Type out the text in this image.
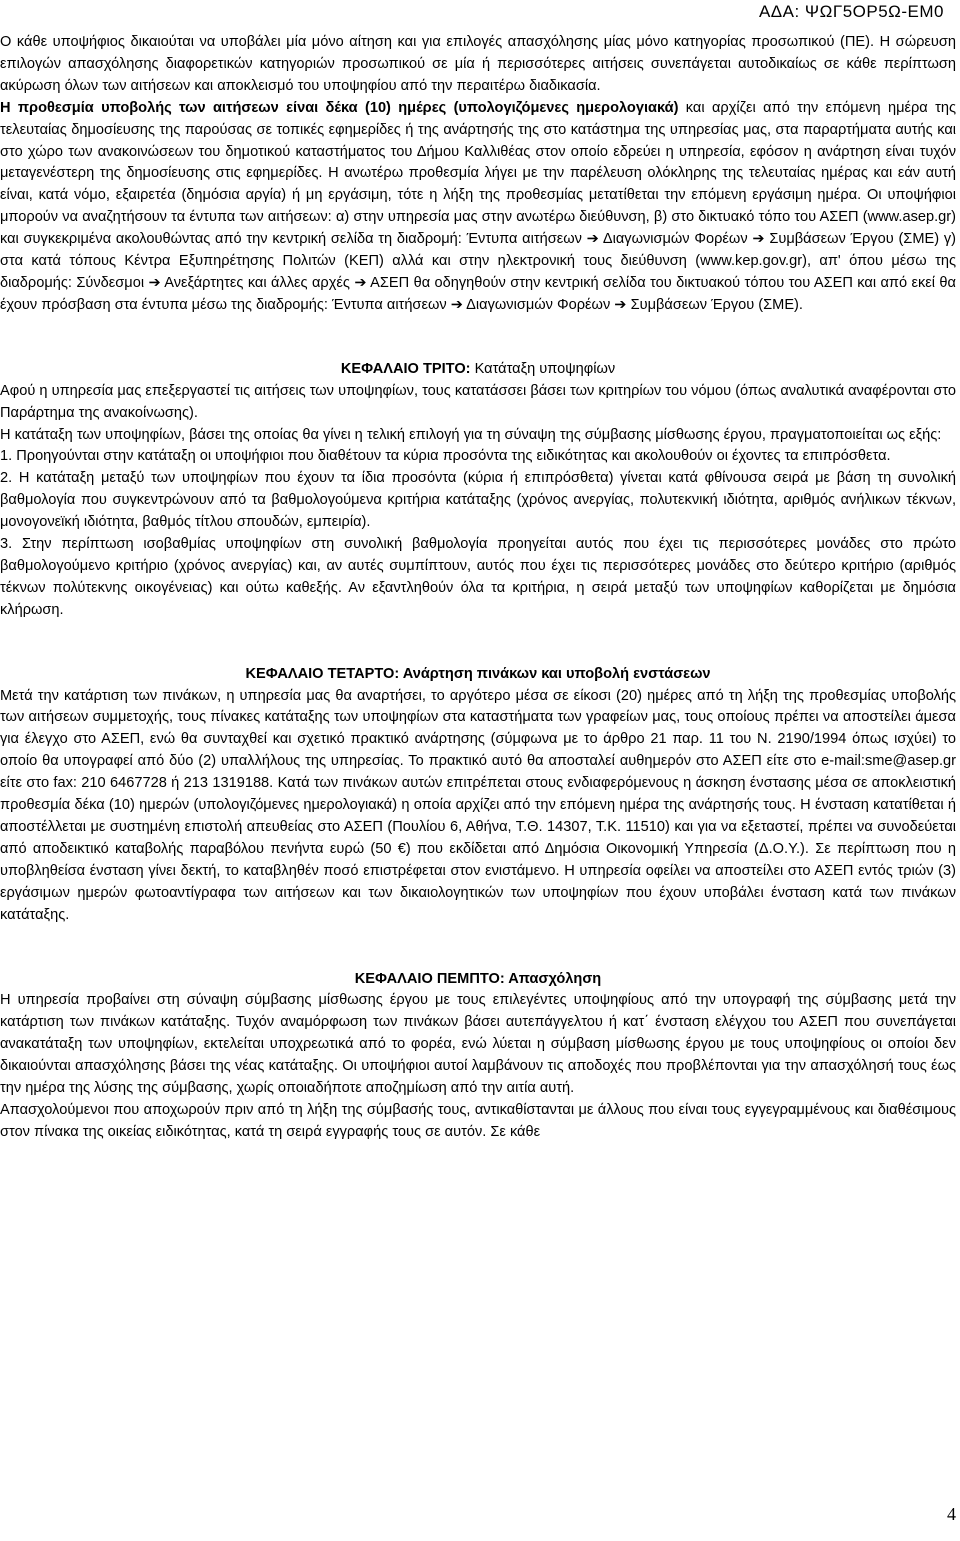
ΑΔΑ: ΨΩΓ5ΟΡ5Ω-ΕΜ0

Ο κάθε υποψήφιος δικαιούται να υποβάλει μία μόνο αίτηση και για επιλογές απασχόλησης μίας μόνο κατηγορίας προσωπικού (ΠΕ). Η σώρευση επιλογών απασχόλησης διαφορετικών κατηγοριών προσωπικού σε μία ή περισσότερες αιτήσεις συνεπάγεται αυτοδικαίως σε κάθε περίπτωση ακύρωση όλων των αιτήσεων και αποκλεισμό του υποψηφίου από την περαιτέρω διαδικασία.

Η προθεσμία υποβολής των αιτήσεων είναι δέκα (10) ημέρες (υπολογιζόμενες ημερολογιακά) και αρχίζει από την επόμενη ημέρα της τελευταίας δημοσίευσης της παρούσας σε τοπικές εφημερίδες ή της ανάρτησής της στο κατάστημα της υπηρεσίας μας, στα παραρτήματα αυτής και στο χώρο των ανακοινώσεων του δημοτικού καταστήματος του Δήμου Καλλιθέας στον οποίο εδρεύει η υπηρεσία, εφόσον η ανάρτηση είναι τυχόν μεταγενέστερη της δημοσίευσης στις εφημερίδες. Η ανωτέρω προθεσμία λήγει με την παρέλευση ολόκληρης της τελευταίας ημέρας και εάν αυτή είναι, κατά νόμο, εξαιρετέα (δημόσια αργία) ή μη εργάσιμη, τότε η λήξη της προθεσμίας μετατίθεται την επόμενη εργάσιμη ημέρα. Οι υποψήφιοι μπορούν να αναζητήσουν τα έντυπα των αιτήσεων: α) στην υπηρεσία μας στην ανωτέρω διεύθυνση, β) στο δικτυακό τόπο του ΑΣΕΠ (www.asep.gr) και συγκεκριμένα ακολουθώντας από την κεντρική σελίδα τη διαδρομή: Έντυπα αιτήσεων ➔ Διαγωνισμών Φορέων ➔ Συμβάσεων Έργου (ΣΜΕ) γ) στα κατά τόπους Κέντρα Εξυπηρέτησης Πολιτών (ΚΕΠ) αλλά και στην ηλεκτρονική τους διεύθυνση (www.kep.gov.gr), απ' όπου μέσω της διαδρομής: Σύνδεσμοι ➔ Ανεξάρτητες και άλλες αρχές ➔ ΑΣΕΠ θα οδηγηθούν στην κεντρική σελίδα του δικτυακού τόπου του ΑΣΕΠ και από εκεί θα έχουν πρόσβαση στα έντυπα μέσω της διαδρομής: Έντυπα αιτήσεων ➔ Διαγωνισμών Φορέων ➔ Συμβάσεων Έργου (ΣΜΕ).

ΚΕΦΑΛΑΙΟ ΤΡΙΤΟ: Κατάταξη υποψηφίων

Αφού η υπηρεσία μας επεξεργαστεί τις αιτήσεις των υποψηφίων, τους κατατάσσει βάσει των κριτηρίων του νόμου (όπως αναλυτικά αναφέρονται στο Παράρτημα της ανακοίνωσης).

Η κατάταξη των υποψηφίων, βάσει της οποίας θα γίνει η τελική επιλογή για τη σύναψη της σύμβασης μίσθωσης έργου, πραγματοποιείται ως εξής:

1. Προηγούνται στην κατάταξη οι υποψήφιοι που διαθέτουν τα κύρια προσόντα της ειδικότητας και ακολουθούν οι έχοντες τα επιπρόσθετα.

2. Η κατάταξη μεταξύ των υποψηφίων που έχουν τα ίδια προσόντα (κύρια ή επιπρόσθετα) γίνεται κατά φθίνουσα σειρά με βάση τη συνολική βαθμολογία που συγκεντρώνουν από τα βαθμολογούμενα κριτήρια κατάταξης (χρόνος ανεργίας, πολυτεκνική ιδιότητα, αριθμός ανήλικων τέκνων, μονογονεϊκή ιδιότητα, βαθμός τίτλου σπουδών, εμπειρία).

3. Στην περίπτωση ισοβαθμίας υποψηφίων στη συνολική βαθμολογία προηγείται αυτός που έχει τις περισσότερες μονάδες στο πρώτο βαθμολογούμενο κριτήριο (χρόνος ανεργίας) και, αν αυτές συμπίπτουν, αυτός που έχει τις περισσότερες μονάδες στο δεύτερο κριτήριο (αριθμός τέκνων πολύτεκνης οικογένειας) και ούτω καθεξής. Αν εξαντληθούν όλα τα κριτήρια, η σειρά μεταξύ των υποψηφίων καθορίζεται με δημόσια κλήρωση.

ΚΕΦΑΛΑΙΟ ΤΕΤΑΡΤΟ: Ανάρτηση πινάκων και υποβολή ενστάσεων

Μετά την κατάρτιση των πινάκων, η υπηρεσία μας θα αναρτήσει, το αργότερο μέσα σε είκοσι (20) ημέρες από τη λήξη της προθεσμίας υποβολής των αιτήσεων συμμετοχής, τους πίνακες κατάταξης των υποψηφίων στα καταστήματα των γραφείων μας, τους οποίους πρέπει να αποστείλει άμεσα για έλεγχο στο ΑΣΕΠ, ενώ θα συνταχθεί και σχετικό πρακτικό ανάρτησης (σύμφωνα με το άρθρο 21 παρ. 11 του Ν. 2190/1994 όπως ισχύει) το οποίο θα υπογραφεί από δύο (2) υπαλλήλους της υπηρεσίας. Το πρακτικό αυτό θα αποσταλεί αυθημερόν στο ΑΣΕΠ είτε στο e-mail:sme@asep.gr είτε στο fax: 210 6467728 ή 213 1319188. Κατά των πινάκων αυτών επιτρέπεται στους ενδιαφερόμενους η άσκηση ένστασης μέσα σε αποκλειστική προθεσμία δέκα (10) ημερών (υπολογιζόμενες ημερολογιακά) η οποία αρχίζει από την επόμενη ημέρα της ανάρτησής τους. Η ένσταση κατατίθεται ή αποστέλλεται με συστημένη επιστολή απευθείας στο ΑΣΕΠ (Πουλίου 6, Αθήνα, Τ.Θ. 14307, Τ.Κ. 11510) και για να εξεταστεί, πρέπει να συνοδεύεται από αποδεικτικό καταβολής παραβόλου πενήντα ευρώ (50 €) που εκδίδεται από Δημόσια Οικονομική Υπηρεσία (Δ.Ο.Υ.). Σε περίπτωση που η υποβληθείσα ένσταση γίνει δεκτή, το καταβληθέν ποσό επιστρέφεται στον ενιστάμενο. Η υπηρεσία οφείλει να αποστείλει στο ΑΣΕΠ εντός τριών (3) εργάσιμων ημερών φωτοαντίγραφα των αιτήσεων και των δικαιολογητικών των υποψηφίων που έχουν υποβάλει ένσταση κατά των πινάκων κατάταξης.

ΚΕΦΑΛΑΙΟ ΠΕΜΠΤΟ: Απασχόληση

Η υπηρεσία προβαίνει στη σύναψη σύμβασης μίσθωσης έργου με τους επιλεγέντες υποψηφίους από την υπογραφή της σύμβασης μετά την κατάρτιση των πινάκων κατάταξης. Τυχόν αναμόρφωση των πινάκων βάσει αυτεπάγγελτου ή κατ΄ ένσταση ελέγχου του ΑΣΕΠ που συνεπάγεται ανακατάταξη των υποψηφίων, εκτελείται υποχρεωτικά από το φορέα, ενώ λύεται η σύμβαση μίσθωσης έργου με τους υποψηφίους οι οποίοι δεν δικαιούνται απασχόλησης βάσει της νέας κατάταξης. Οι υποψήφιοι αυτοί λαμβάνουν τις αποδοχές που προβλέπονται για την απασχόλησή τους έως την ημέρα της λύσης της σύμβασης, χωρίς οποιαδήποτε αποζημίωση από την αιτία αυτή.

Απασχολούμενοι που αποχωρούν πριν από τη λήξη της σύμβασής τους, αντικαθίστανται με άλλους που είναι τους εγγεγραμμένους και διαθέσιμους στον πίνακα της οικείας ειδικότητας, κατά τη σειρά εγγραφής τους σε αυτόν. Σε κάθε

4
